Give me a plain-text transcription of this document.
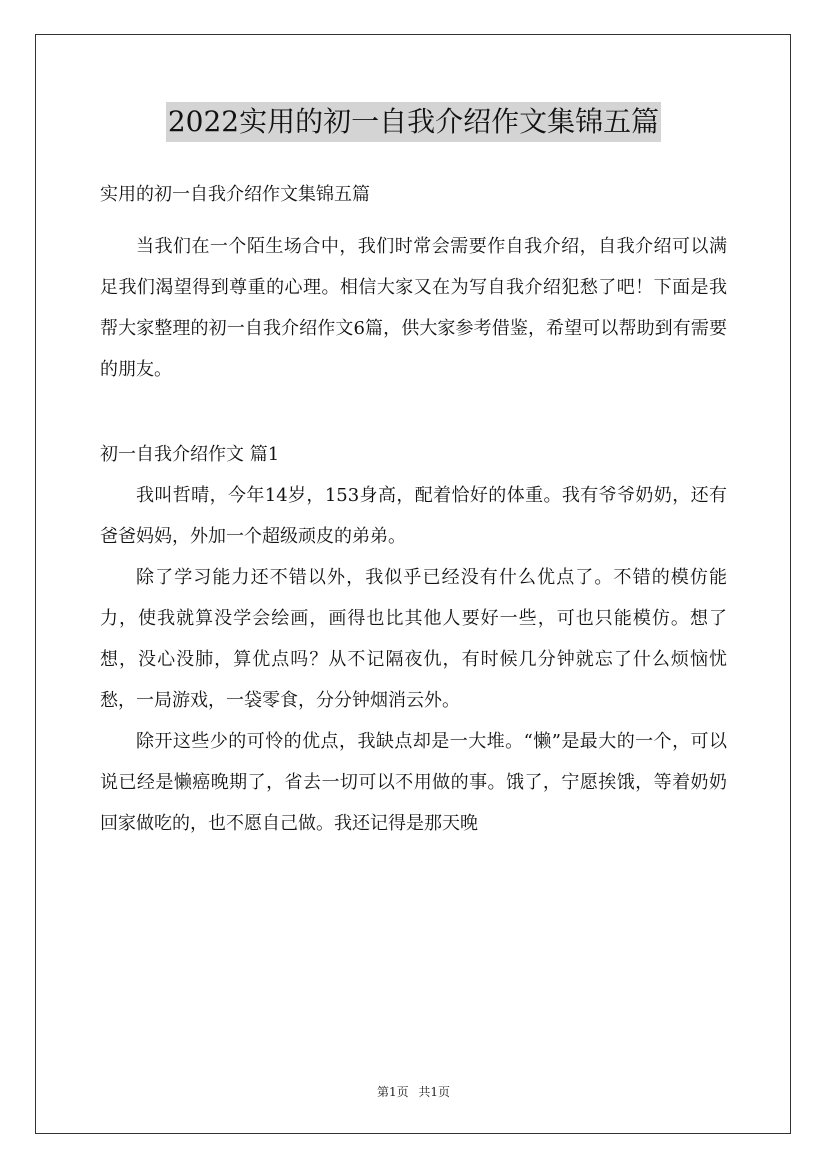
2022实用的初一自我介绍作文集锦五篇

实用的初一自我介绍作文集锦五篇

当我们在一个陌生场合中，我们时常会需要作自我介绍，自我介绍可以满足我们渴望得到尊重的心理。相信大家又在为写自我介绍犯愁了吧！下面是我帮大家整理的初一自我介绍作文6篇，供大家参考借鉴，希望可以帮助到有需要的朋友。

初一自我介绍作文 篇1

我叫哲晴，今年14岁，153身高，配着恰好的体重。我有爷爷奶奶，还有爸爸妈妈，外加一个超级顽皮的弟弟。

除了学习能力还不错以外，我似乎已经没有什么优点了。不错的模仿能力，使我就算没学会绘画，画得也比其他人要好一些，可也只能模仿。想了想，没心没肺，算优点吗？从不记隔夜仇，有时候几分钟就忘了什么烦恼忧愁，一局游戏，一袋零食，分分钟烟消云外。

除开这些少的可怜的优点，我缺点却是一大堆。“懒”是最大的一个，可以说已经是懒癌晚期了，省去一切可以不用做的事。饿了，宁愿挨饿，等着奶奶回家做吃的，也不愿自己做。我还记得是那天晚

第1页 共1页
